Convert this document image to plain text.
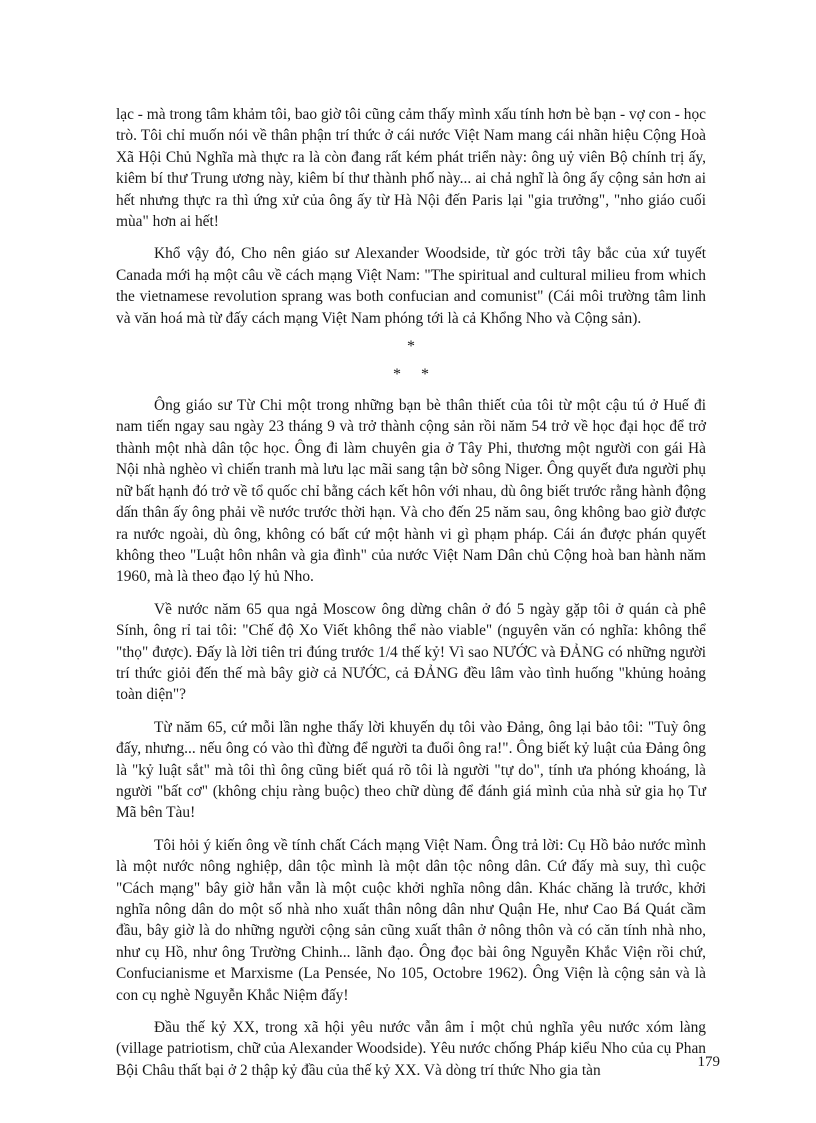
lạc - mà trong tâm khảm tôi, bao giờ tôi cũng cảm thấy mình xấu tính hơn bè bạn - vợ con - học trò. Tôi chỉ muốn nói về thân phận trí thức ở cái nước Việt Nam mang cái nhãn hiệu Cộng Hoà Xã Hội Chủ Nghĩa mà thực ra là còn đang rất kém phát triển này: ông uỷ viên Bộ chính trị ấy, kiêm bí thư Trung ương này, kiêm bí thư thành phố này... ai chả nghĩ là ông ấy cộng sản hơn ai hết nhưng thực ra thì ứng xử của ông ấy từ Hà Nội đến Paris lại "gia trưởng", "nho giáo cuối mùa" hơn ai hết!

Khổ vậy đó, Cho nên giáo sư Alexander Woodside, từ góc trời tây bắc của xứ tuyết Canada mới hạ một câu về cách mạng Việt Nam: "The spiritual and cultural milieu from which the vietnamese revolution sprang was both confucian and comunist" (Cái môi trường tâm linh và văn hoá mà từ đấy cách mạng Việt Nam phóng tới là cả Khổng Nho và Cộng sản).

*
*     *

Ông giáo sư Từ Chi một trong những bạn bè thân thiết của tôi từ một cậu tú ở Huế đi nam tiến ngay sau ngày 23 tháng 9 và trở thành cộng sản rồi năm 54 trở về học đại học để trở thành một nhà dân tộc học. Ông đi làm chuyên gia ở Tây Phi, thương một người con gái Hà Nội nhà nghèo vì chiến tranh mà lưu lạc mãi sang tận bờ sông Niger. Ông quyết đưa người phụ nữ bất hạnh đó trở về tổ quốc chỉ bằng cách kết hôn với nhau, dù ông biết trước rằng hành động dấn thân ấy ông phải về nước trước thời hạn. Và cho đến 25 năm sau, ông không bao giờ được ra nước ngoài, dù ông, không có bất cứ một hành vi gì phạm pháp. Cái án được phán quyết không theo "Luật hôn nhân và gia đình" của nước Việt Nam Dân chủ Cộng hoà ban hành năm 1960, mà là theo đạo lý hủ Nho.

Về nước năm 65 qua ngả Moscow ông dừng chân ở đó 5 ngày gặp tôi ở quán cà phê Sính, ông rỉ tai tôi: "Chế độ Xo Viết không thể nào viable" (nguyên văn có nghĩa: không thể "thọ" được). Đấy là lời tiên tri đúng trước 1/4 thế kỷ! Vì sao NƯỚC và ĐẢNG có những người trí thức giỏi đến thế mà bây giờ cả NƯỚC, cả ĐẢNG đều lâm vào tình huống "khủng hoảng toàn diện"?

Từ năm 65, cứ mỗi lần nghe thấy lời khuyến dụ tôi vào Đảng, ông lại bảo tôi: "Tuỳ ông đấy, nhưng... nếu ông có vào thì đừng để người ta đuổi ông ra!". Ông biết kỷ luật của Đảng ông là "kỷ luật sắt" mà tôi thì ông cũng biết quá rõ tôi là người "tự do", tính ưa phóng khoáng, là người "bất cơ" (không chịu ràng buộc) theo chữ dùng để đánh giá mình của nhà sử gia họ Tư Mã bên Tàu!

Tôi hỏi ý kiến ông về tính chất Cách mạng Việt Nam. Ông trả lời: Cụ Hồ bảo nước mình là một nước nông nghiệp, dân tộc mình là một dân tộc nông dân. Cứ đấy mà suy, thì cuộc "Cách mạng" bây giờ hẳn vẫn là một cuộc khởi nghĩa nông dân. Khác chăng là trước, khởi nghĩa nông dân do một số nhà nho xuất thân nông dân như Quận He, như Cao Bá Quát cầm đầu, bây giờ là do những người cộng sản cũng xuất thân ở nông thôn và có căn tính nhà nho, như cụ Hồ, như ông Trường Chinh... lãnh đạo. Ông đọc bài ông Nguyễn Khắc Viện rồi chứ, Confucianisme et Marxisme (La Pensée, No 105, Octobre 1962). Ông Viện là cộng sản và là con cụ nghè Nguyễn Khắc Niệm đấy!

Đầu thế kỷ XX, trong xã hội yêu nước vẫn âm ỉ một chủ nghĩa yêu nước xóm làng (village patriotism, chữ của Alexander Woodside). Yêu nước chống Pháp kiểu Nho của cụ Phan Bội Châu thất bại ở 2 thập kỷ đầu của thế kỷ XX. Và dòng trí thức Nho gia tàn	179
